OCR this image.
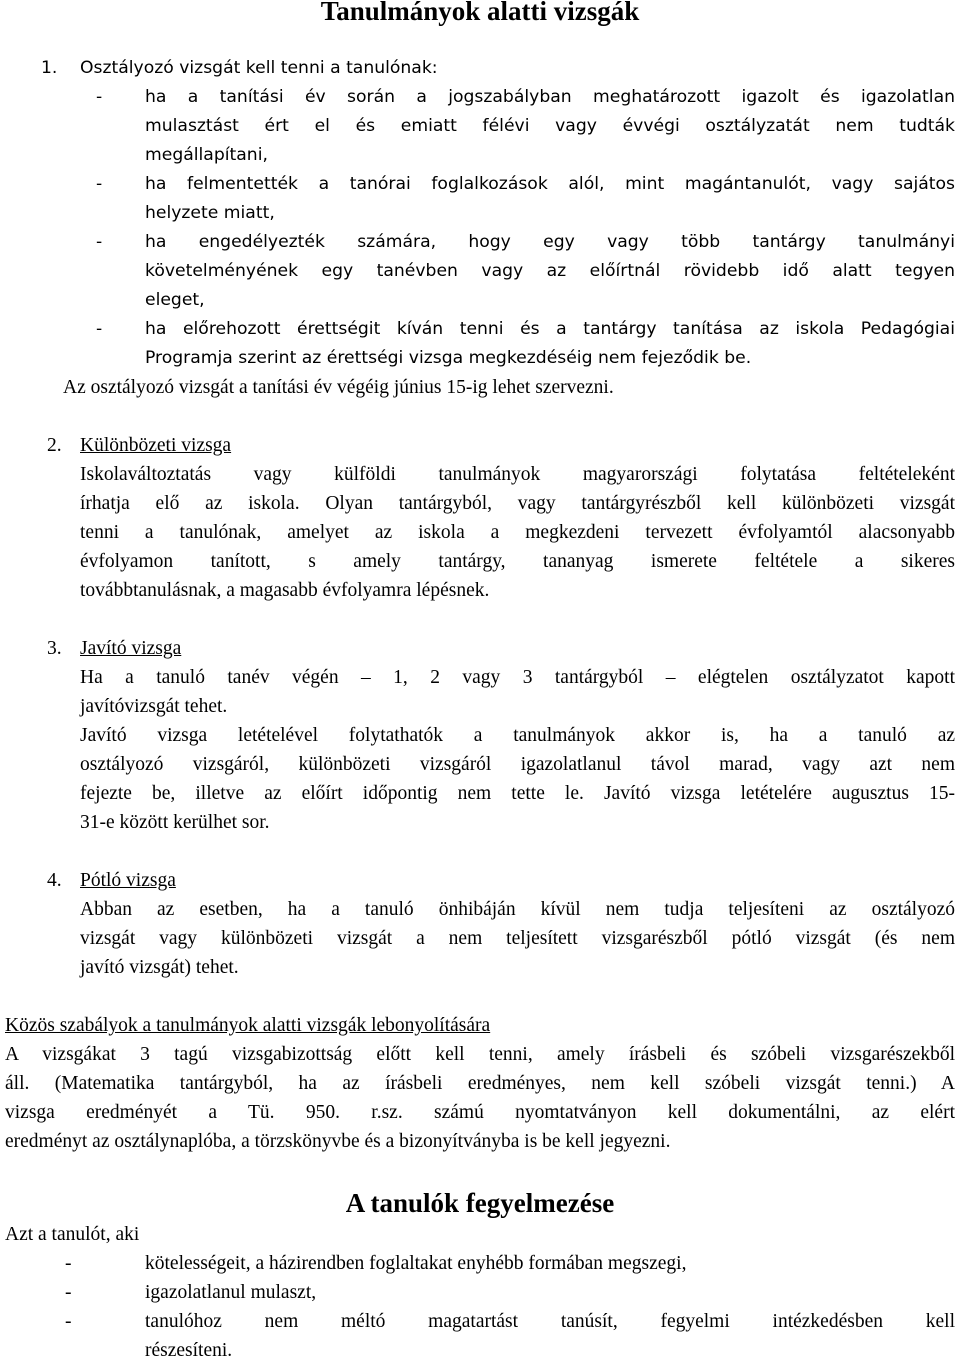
Tanulmányok alatti vizsgák
1. Osztályozó vizsgát kell tenni a tanulónak:
- ha a tanítási év során a jogszabályban meghatározott igazolt és igazolatlan
mulasztást ért el és emiatt félévi vagy évvégi osztályzatát nem tudták
megállapítani,
- ha felmentették a tanórai foglalkozások alól, mint magántanulót, vagy sajátos
helyzete miatt,
- ha engedélyezték számára, hogy egy vagy több tantárgy tanulmányi
követelményének egy tanévben vagy az előírtnál rövidebb idő alatt tegyen
eleget,
- ha előrehozott érettségit kíván tenni és a tantárgy tanítása az iskola Pedagógiai
Programja szerint az érettségi vizsga megkezdéséig nem fejeződik be.

Az osztályozó vizsgát a tanítási év végéig június 15-ig lehet szervezni.

2. Különbözeti vizsga
Iskolaváltoztatás vagy külföldi tanulmányok magyarországi folytatása feltételeként
írhatja elő az iskola. Olyan tantárgyból, vagy tantárgyrészből kell különbözeti vizsgát
tenni a tanulónak, amelyet az iskola a megkezdeni tervezett évfolyamtól alacsonyabb
évfolyamon tanított, s amely tantárgy, tananyag ismerete feltétele a sikeres
továbbtanulásnak, a magasabb évfolyamra lépésnek.
3. Javító vizsga
Ha a tanuló tanév végén – 1, 2 vagy 3 tantárgyból – elégtelen osztályzatot kapott
javítóvizsgát tehet.
Javító vizsga letételével folytathatók a tanulmányok akkor is, ha a tanuló az
osztályozó vizsgáról, különbözeti vizsgáról igazolatlanul távol marad, vagy azt nem
fejezte be, illetve az előírt időpontig nem tette le. Javító vizsga letételére augusztus 15-
31-e között kerülhet sor.
4. Pótló vizsga
Abban az esetben, ha a tanuló önhibáján kívül nem tudja teljesíteni az osztályozó
vizsgát vagy különbözeti vizsgát a nem teljesített vizsgarészből pótló vizsgát (és nem
javító vizsgát) tehet.
Közös szabályok a tanulmányok alatti vizsgák lebonyolítására
A vizsgákat 3 tagú vizsgabizottság előtt kell tenni, amely írásbeli és szóbeli vizsgarészekből
áll. (Matematika tantárgyból, ha az írásbeli eredményes, nem kell szóbeli vizsgát tenni.) A
vizsga eredményét a Tü. 950. r.sz. számú nyomtatványon kell dokumentálni, az elért
eredményt az osztálynaplóba, a törzskönyvbe és a bizonyítványba is be kell jegyezni.
A tanulók fegyelmezése

Azt a tanulót, aki

-	kötelességeit, a házirendben foglaltakat enyhébb formában megszegi,
-	igazolatlanul mulaszt,
-	tanulóhoz nem méltó magatartást tanúsít, fegyelmi intézkedésben kell
részesíteni.
